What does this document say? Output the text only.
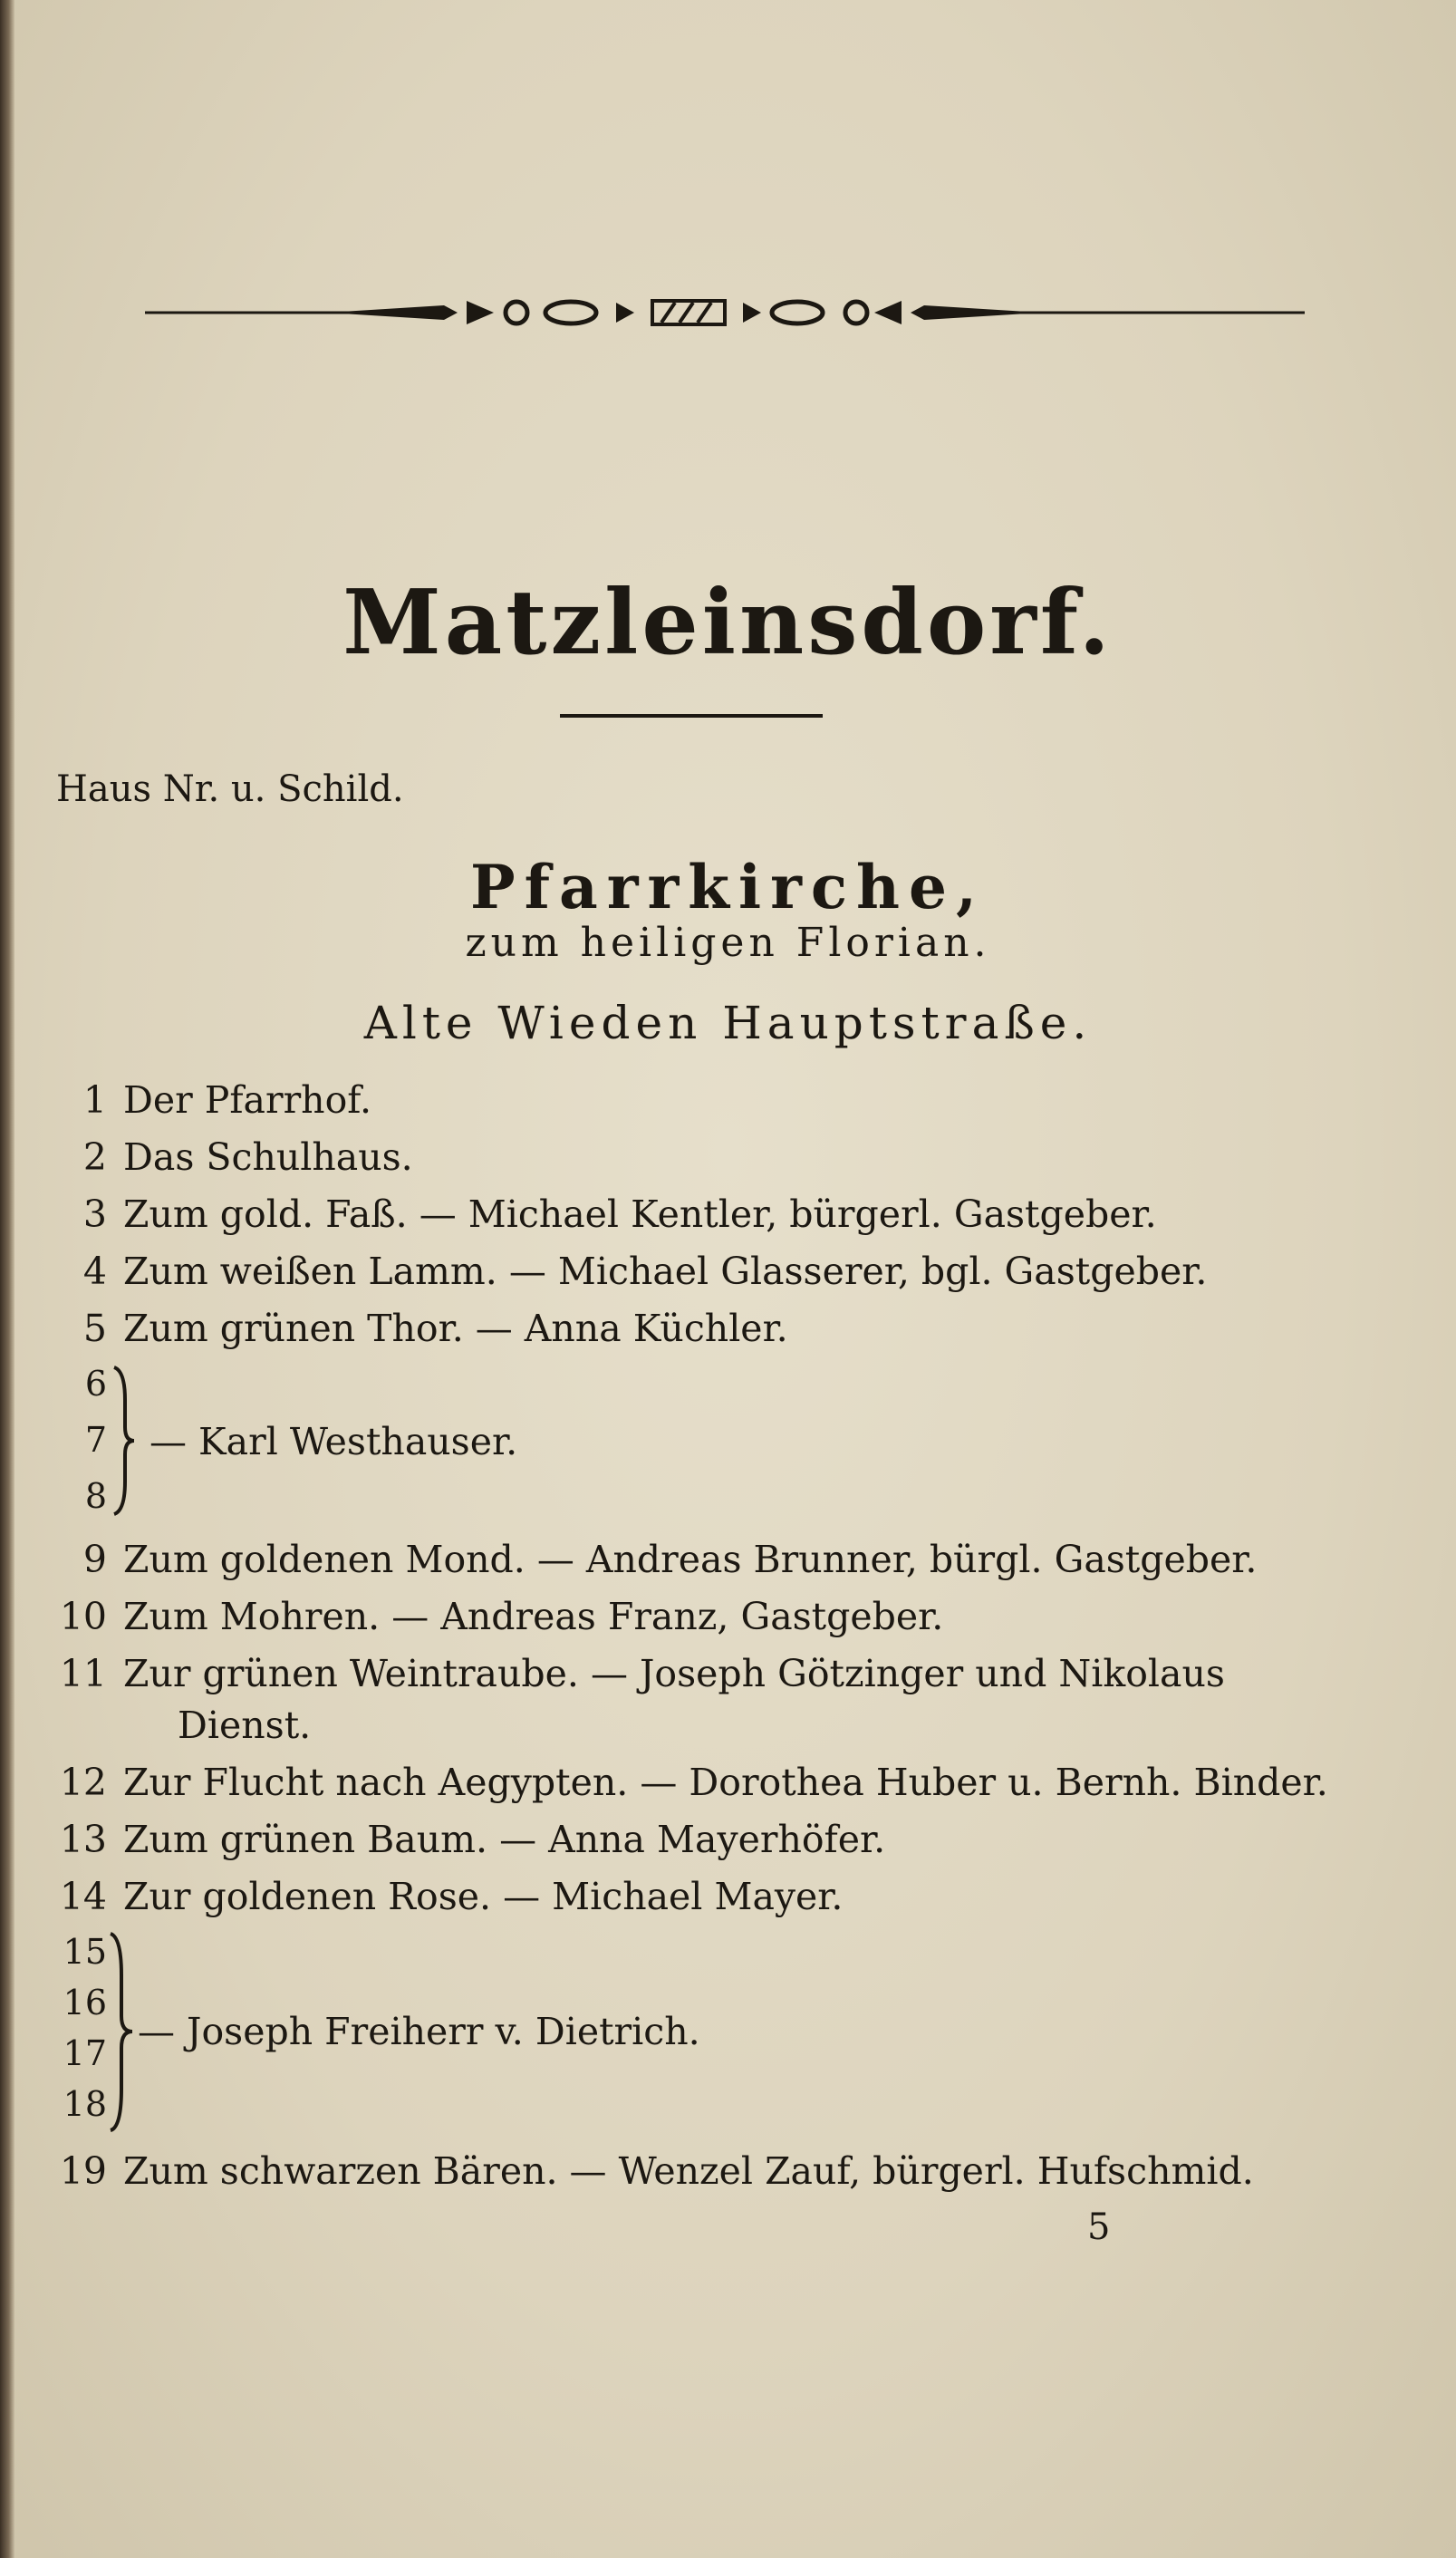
Matzleinsdorf.
Haus Nr. u. Schild.
Pfarrkirche,
zum heiligen Florian.
Alte Wieden Hauptstraße.
1 Der Pfarrhof.
2 Das Schulhaus.
3 Zum gold. Faß. — Michael Kentler, bürgerl. Gastgeber.
4 Zum weißen Lamm. — Michael Glasserer, bgl. Gastgeber.
5 Zum grünen Thor. — Anna Küchler.
6
7
8
— Karl Westhauser.
9 Zum goldenen Mond. — Andreas Brunner, bürgl. Gastgeber.
10 Zum Mohren. — Andreas Franz, Gastgeber.
11 Zur grünen Weintraube. — Joseph Götzinger und Nikolaus
Dienst.
12 Zur Flucht nach Aegypten. — Dorothea Huber u. Bernh. Binder.
13 Zum grünen Baum. — Anna Mayerhöfer.
14 Zur goldenen Rose. — Michael Mayer.
15
16
17
18
— Joseph Freiherr v. Dietrich.
19 Zum schwarzen Bären. — Wenzel Zauf, bürgerl. Hufschmid.
5
